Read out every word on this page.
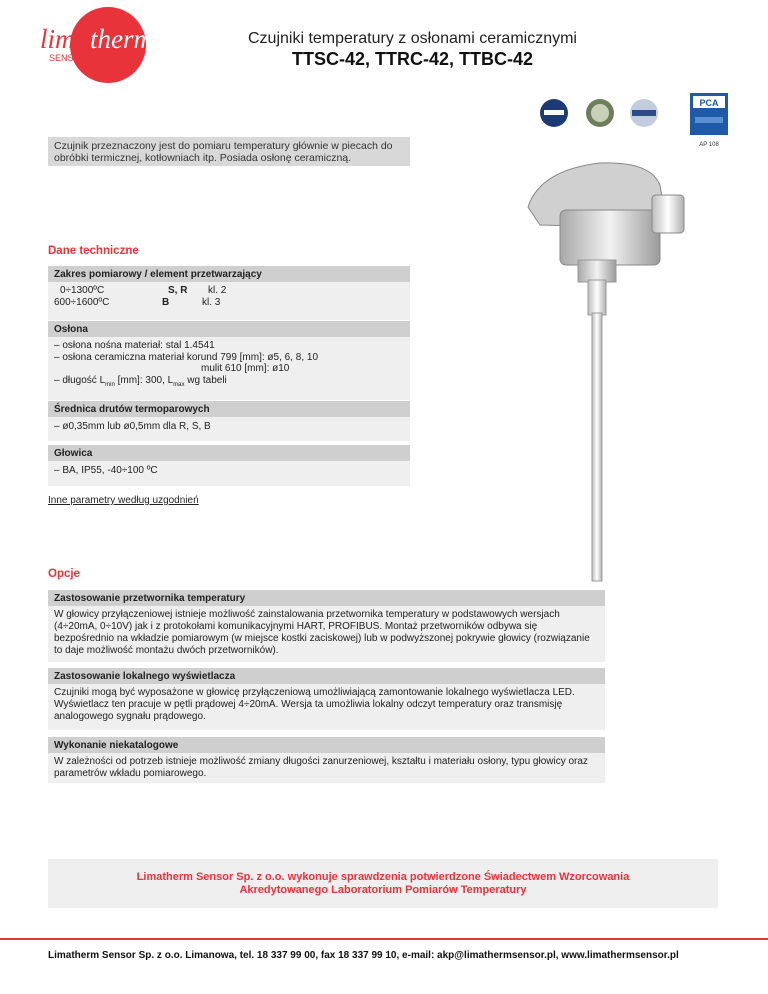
lima therm
SENSOR
Czujniki temperatury z osłonami ceramicznymi
TTSC-42, TTRC-42, TTBC-42
PCA
AP 108
Czujnik przeznaczony jest do pomiaru temperatury głównie w piecach do obróbki termicznej, kotłowniach itp. Posiada osłonę ceramiczną.
Dane techniczne
Zakres pomiarowy / element przetwarzający
0÷1300ºC	S, R	kl. 2
600÷1600ºC	B	kl. 3
Osłona
– osłona nośna materiał: stal 1.4541
– osłona ceramiczna materiał korund 799 [mm]: ø5, 6, 8, 10
mulit 610 [mm]: ø10
– długość $L_{min}$ [mm]: 300, $L_{max}$ wg tabeli
Średnica drutów termoparowych
– ø0,35mm lub ø0,5mm dla R, S, B
Głowica
– BA, IP55, -40÷100 ºC
Inne parametry według uzgodnień
Opcje
Zastosowanie przetwornika temperatury
W głowicy przyłączeniowej istnieje możliwość zainstalowania przetwornika temperatury w podstawowych wersjach (4÷20mA, 0÷10V) jak i z protokołami komunikacyjnymi HART, PROFIBUS. Montaż przetworników odbywa się bezpośrednio na wkładzie pomiarowym (w miejsce kostki zaciskowej) lub w podwyższonej pokrywie głowicy (rozwiązanie to daje możliwość montażu dwóch przetworników).
Zastosowanie lokalnego wyświetlacza
Czujniki mogą być wyposażone w głowicę przyłączeniową umożliwiającą zamontowanie lokalnego wyświetlacza LED. Wyświetlacz ten pracuje w pętli prądowej 4÷20mA. Wersja ta umożliwia lokalny odczyt temperatury oraz transmisję analogowego sygnału prądowego.
Wykonanie niekatalogowe
W zależności od potrzeb istnieje możliwość zmiany długości zanurzeniowej, kształtu i materiału osłony, typu głowicy oraz parametrów wkładu pomiarowego.
Limatherm Sensor Sp. z o.o. wykonuje sprawdzenia potwierdzone Świadectwem Wzorcowania
Akredytowanego Laboratorium Pomiarów Temperatury
Limatherm Sensor Sp. z o.o. Limanowa, tel. 18 337 99 00, fax 18 337 99 10, e-mail: akp@limathermsensor.pl, www.limathermsensor.pl
